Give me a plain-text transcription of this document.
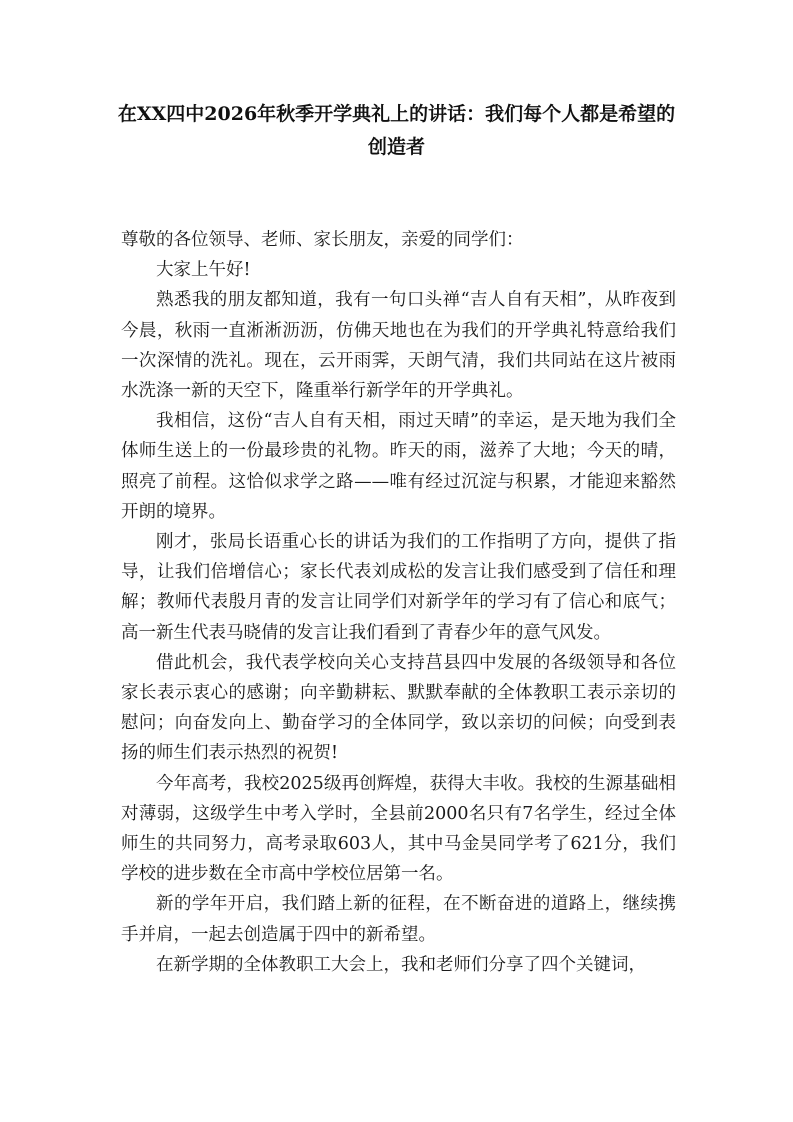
在XX四中2026年秋季开学典礼上的讲话：我们每个人都是希望的创造者

尊敬的各位领导、老师、家长朋友，亲爱的同学们：

大家上午好!

熟悉我的朋友都知道，我有一句口头禅“吉人自有天相”，从昨夜到今晨，秋雨一直淅淅沥沥，仿佛天地也在为我们的开学典礼特意给我们一次深情的洗礼。现在，云开雨霁，天朗气清，我们共同站在这片被雨水洗涤一新的天空下，隆重举行新学年的开学典礼。

我相信，这份“吉人自有天相，雨过天晴”的幸运，是天地为我们全体师生送上的一份最珍贵的礼物。昨天的雨，滋养了大地；今天的晴，照亮了前程。这恰似求学之路——唯有经过沉淀与积累，才能迎来豁然开朗的境界。

刚才，张局长语重心长的讲话为我们的工作指明了方向，提供了指导，让我们倍增信心；家长代表刘成松的发言让我们感受到了信任和理解；教师代表殷月青的发言让同学们对新学年的学习有了信心和底气；高一新生代表马晓倩的发言让我们看到了青春少年的意气风发。

借此机会，我代表学校向关心支持莒县四中发展的各级领导和各位家长表示衷心的感谢；向辛勤耕耘、默默奉献的全体教职工表示亲切的慰问；向奋发向上、勤奋学习的全体同学，致以亲切的问候；向受到表扬的师生们表示热烈的祝贺!

今年高考，我校2025级再创辉煌，获得大丰收。我校的生源基础相对薄弱，这级学生中考入学时，全县前2000名只有7名学生，经过全体师生的共同努力，高考录取603人，其中马金昊同学考了621分，我们学校的进步数在全市高中学校位居第一名。

新的学年开启，我们踏上新的征程，在不断奋进的道路上，继续携手并肩，一起去创造属于四中的新希望。

在新学期的全体教职工大会上，我和老师们分享了四个关键词，
